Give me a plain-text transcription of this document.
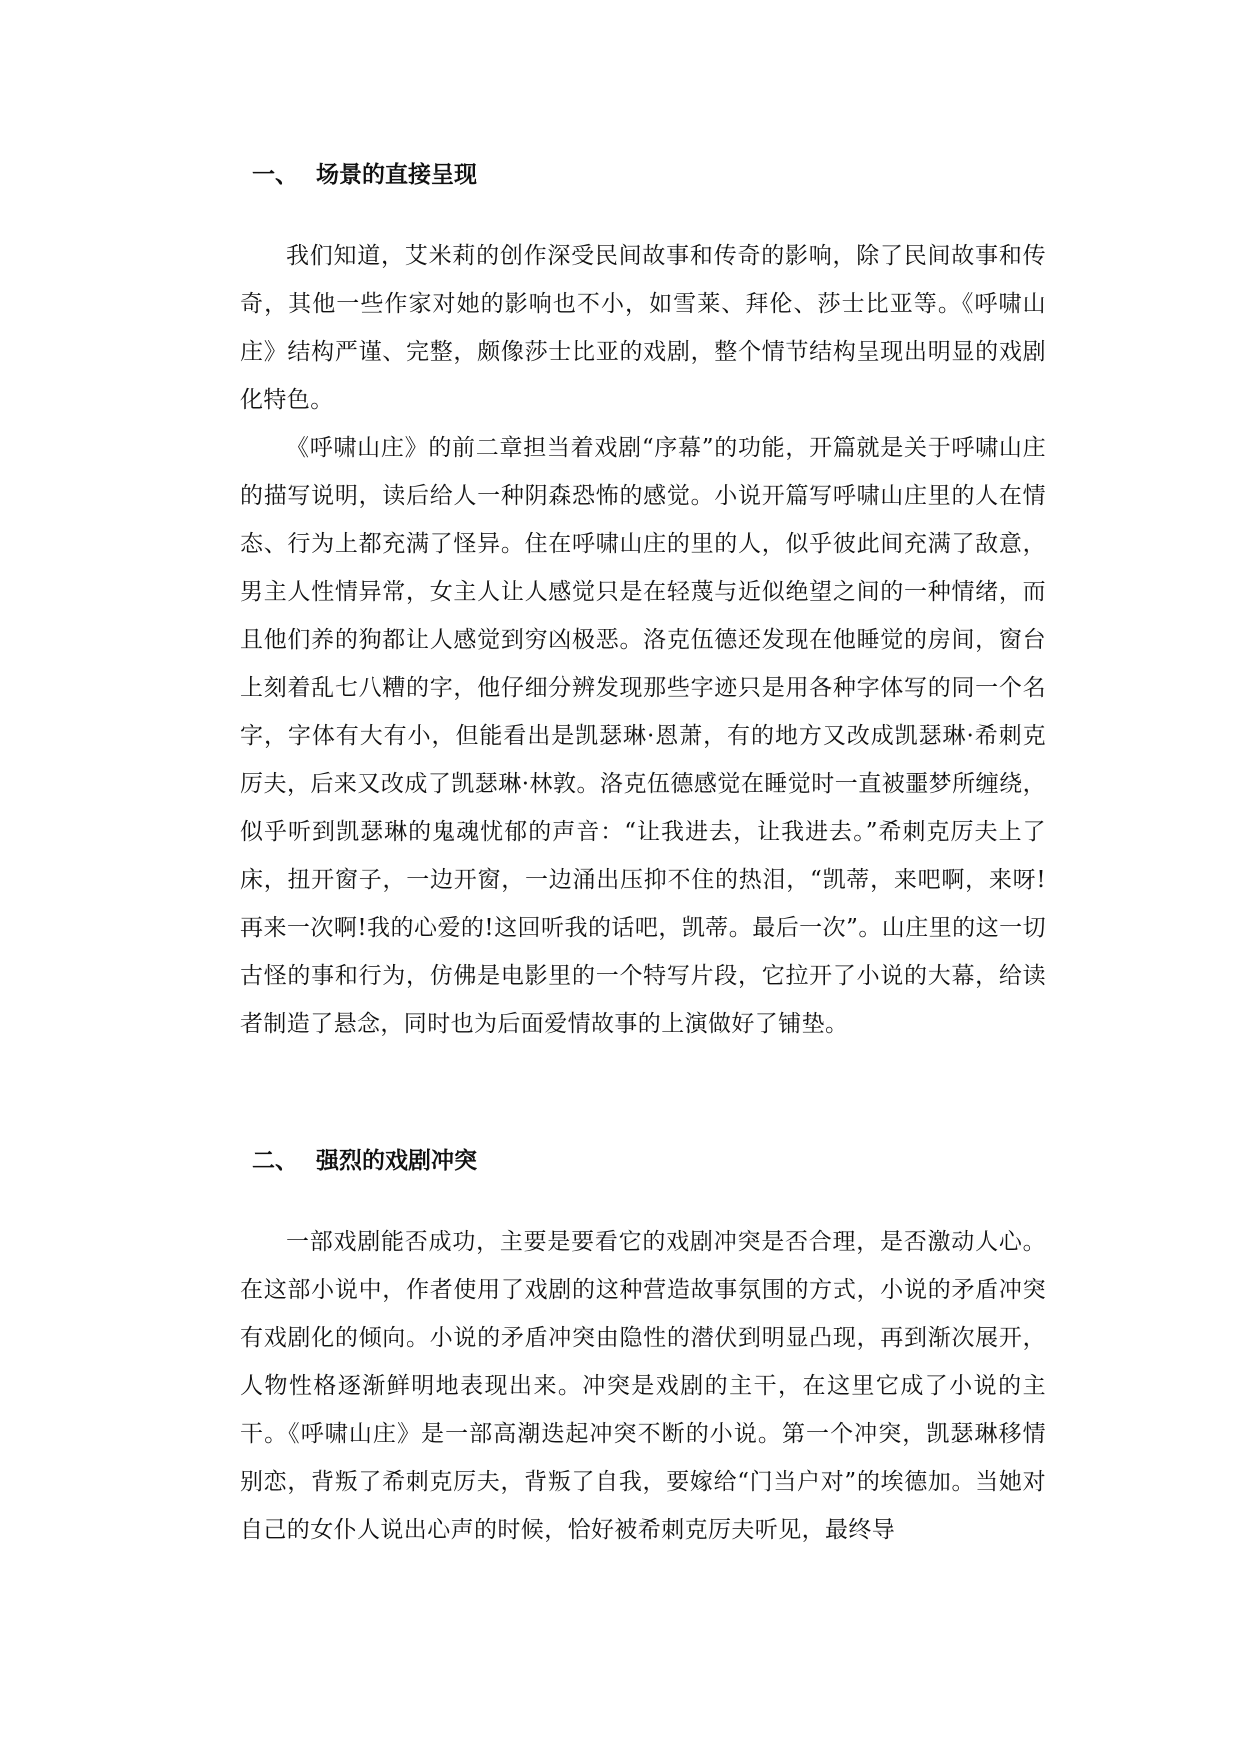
一、 场景的直接呈现

我们知道，艾米莉的创作深受民间故事和传奇的影响，除了民间故事和传奇，其他一些作家对她的影响也不小，如雪莱、拜伦、莎士比亚等。《呼啸山庄》结构严谨、完整，颇像莎士比亚的戏剧，整个情节结构呈现出明显的戏剧化特色。

《呼啸山庄》的前二章担当着戏剧“序幕”的功能，开篇就是关于呼啸山庄的描写说明，读后给人一种阴森恐怖的感觉。小说开篇写呼啸山庄里的人在情态、行为上都充满了怪异。住在呼啸山庄的里的人，似乎彼此间充满了敌意，男主人性情异常，女主人让人感觉只是在轻蔑与近似绝望之间的一种情绪，而且他们养的狗都让人感觉到穷凶极恶。洛克伍德还发现在他睡觉的房间，窗台上刻着乱七八糟的字，他仔细分辨发现那些字迹只是用各种字体写的同一个名字，字体有大有小，但能看出是凯瑟琳·恩萧，有的地方又改成凯瑟琳·希刺克厉夫，后来又改成了凯瑟琳·林敦。洛克伍德感觉在睡觉时一直被噩梦所缠绕，似乎听到凯瑟琳的鬼魂忧郁的声音：“让我进去，让我进去。”希刺克厉夫上了床，扭开窗子，一边开窗，一边涌出压抑不住的热泪，“凯蒂，来吧啊，来呀!再来一次啊!我的心爱的!这回听我的话吧，凯蒂。最后一次”。山庄里的这一切古怪的事和行为，仿佛是电影里的一个特写片段，它拉开了小说的大幕，给读者制造了悬念，同时也为后面爱情故事的上演做好了铺垫。

二、 强烈的戏剧冲突

一部戏剧能否成功，主要是要看它的戏剧冲突是否合理，是否激动人心。在这部小说中，作者使用了戏剧的这种营造故事氛围的方式，小说的矛盾冲突有戏剧化的倾向。小说的矛盾冲突由隐性的潜伏到明显凸现，再到渐次展开，人物性格逐渐鲜明地表现出来。冲突是戏剧的主干，在这里它成了小说的主干。《呼啸山庄》是一部高潮迭起冲突不断的小说。第一个冲突，凯瑟琳移情别恋，背叛了希刺克厉夫，背叛了自我，要嫁给“门当户对”的埃德加。当她对自己的女仆人说出心声的时候，恰好被希刺克厉夫听见，最终导
